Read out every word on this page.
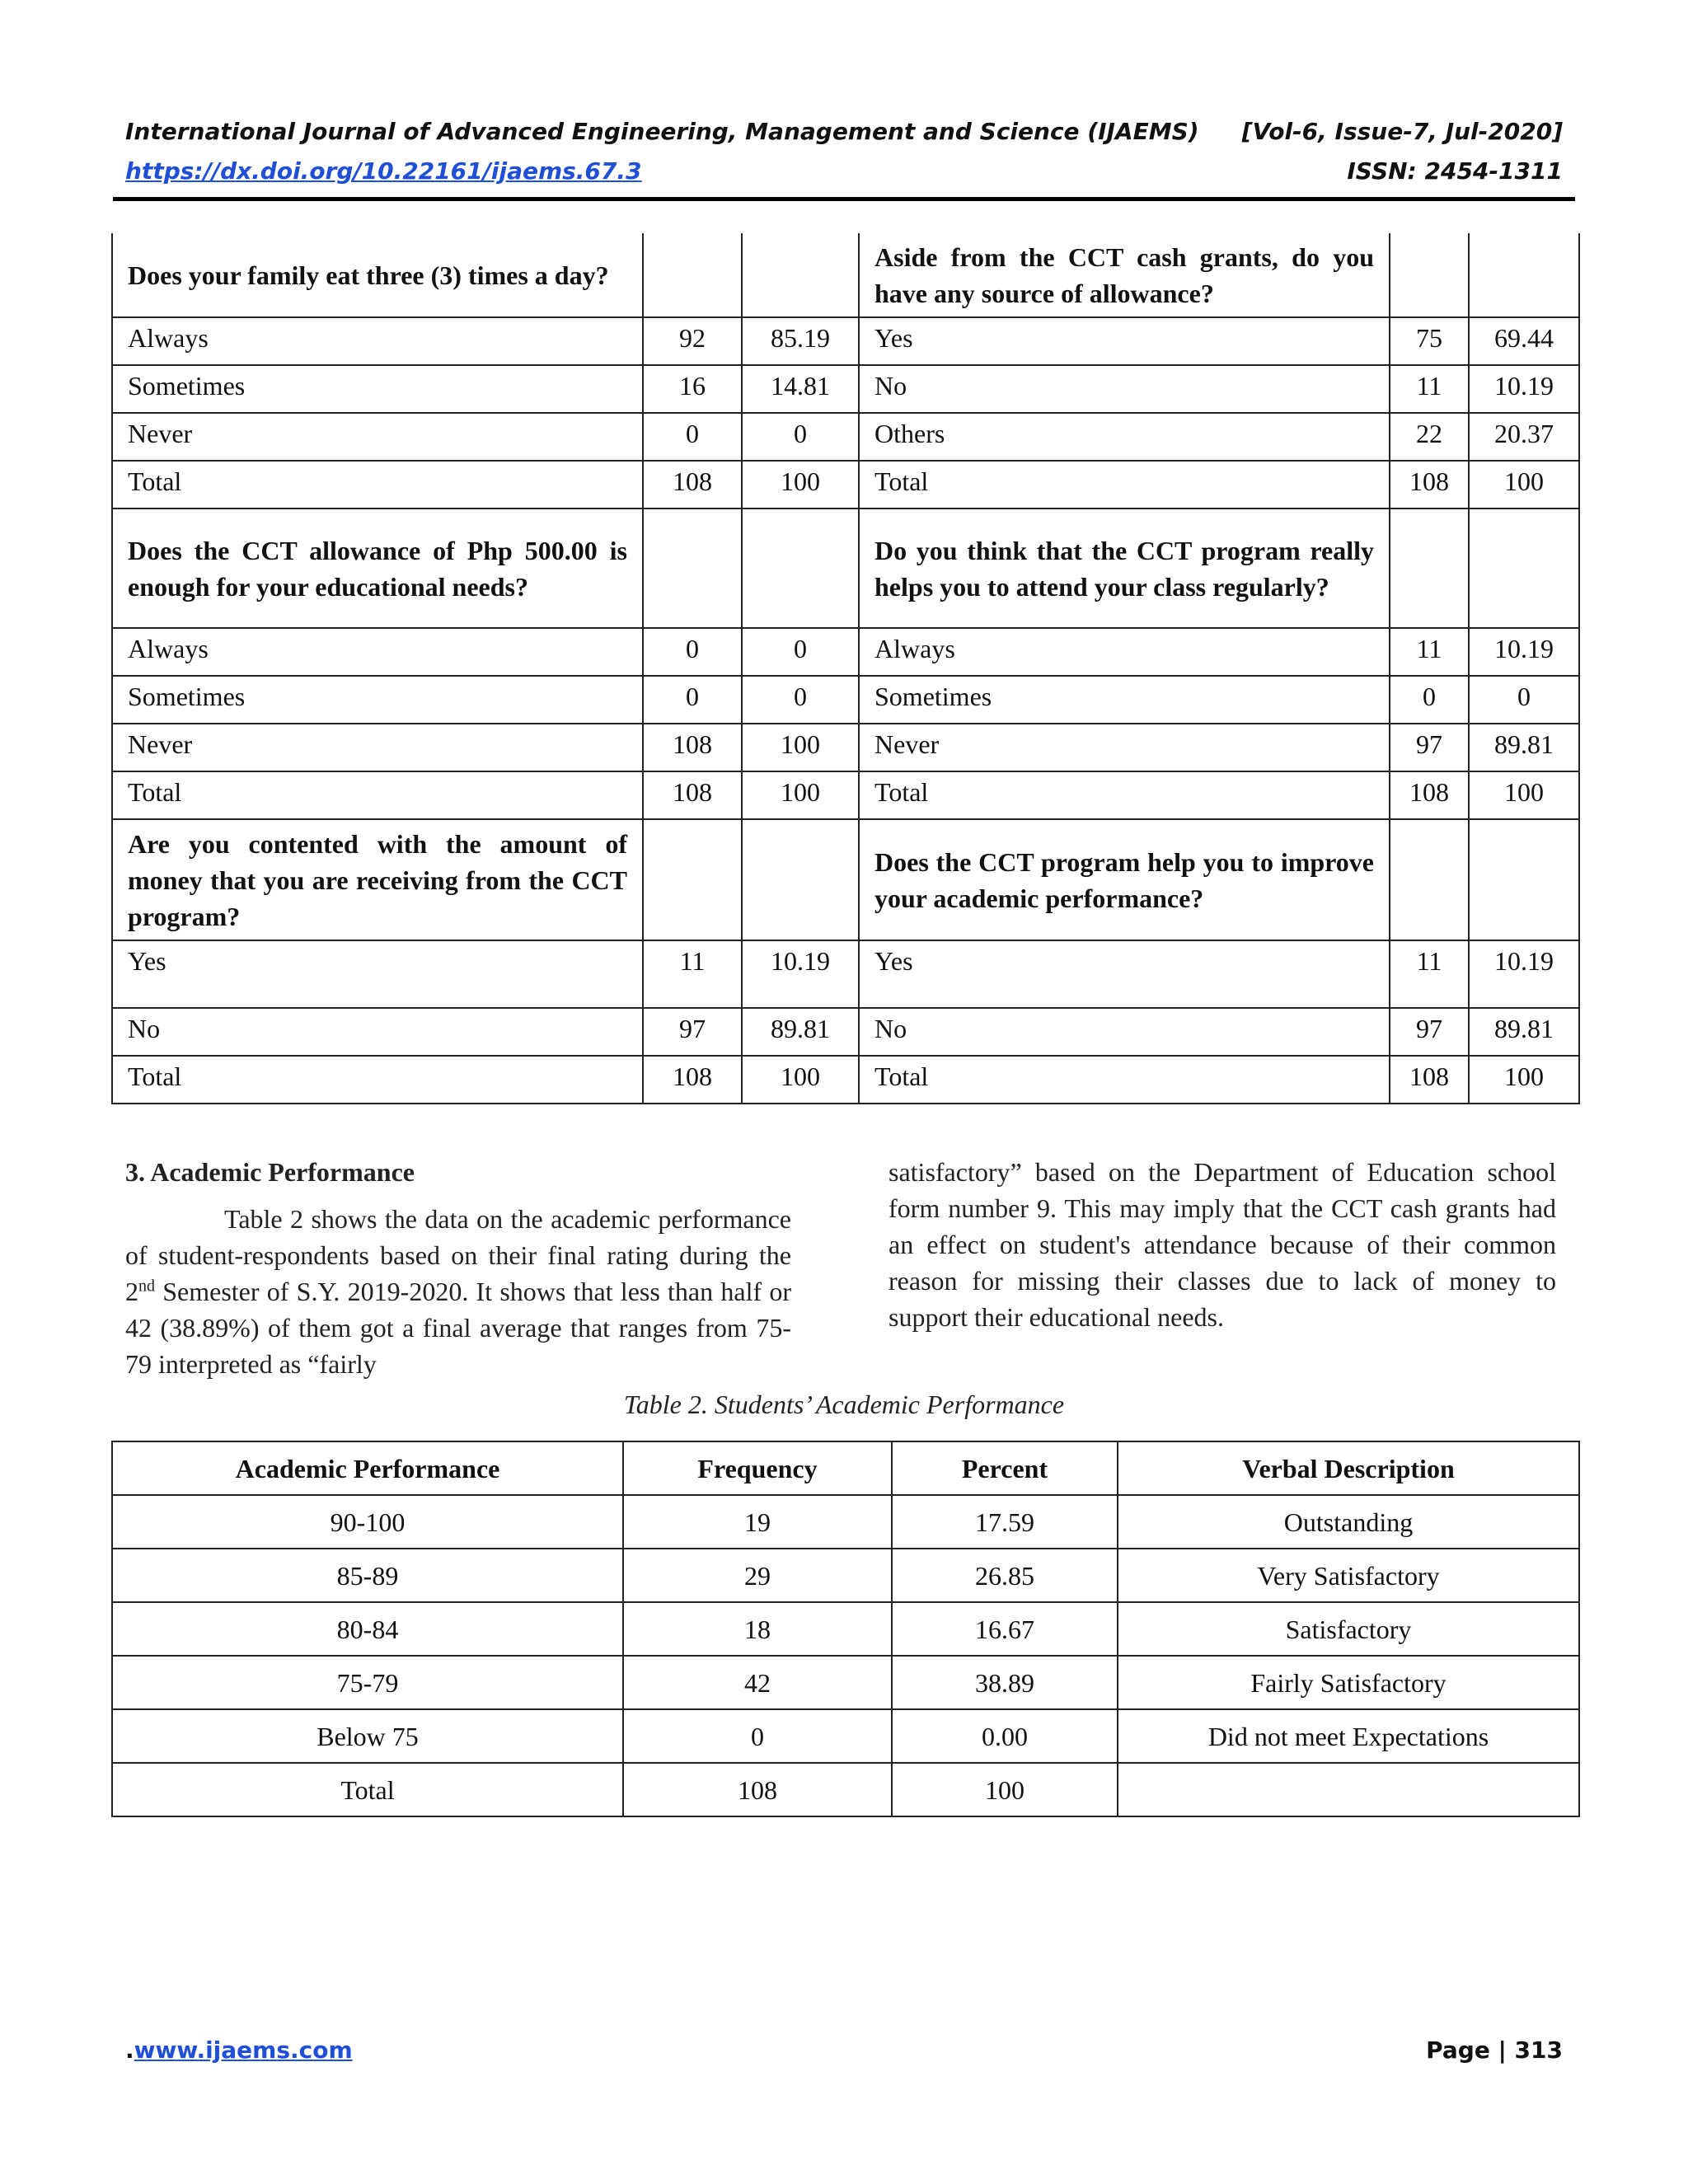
International Journal of Advanced Engineering, Management and Science (IJAEMS) [Vol-6, Issue-7, Jul-2020]
https://dx.doi.org/10.22161/ijaems.67.3	ISSN: 2454-1311
Does your family eat three (3) times a day?			Aside from the CCT cash grants, do you have any source of allowance?		
Always	92	85.19	Yes	75	69.44
Sometimes	16	14.81	No	11	10.19
Never	0	0	Others	22	20.37
Total	108	100	Total	108	100
Does the CCT allowance of Php 500.00 is enough for your educational needs?			Do you think that the CCT program really helps you to attend your class regularly?		
Always	0	0	Always	11	10.19
Sometimes	0	0	Sometimes	0	0
Never	108	100	Never	97	89.81
Total	108	100	Total	108	100
Are you contented with the amount of money that you are receiving from the CCT program?			Does the CCT program help you to improve your academic performance?		
Yes	11	10.19	Yes	11	10.19
No	97	89.81	No	97	89.81
Total	108	100	Total	108	100
3. Academic Performance
Table 2 shows the data on the academic performance of student-respondents based on their final rating during the 2nd Semester of S.Y. 2019-2020. It shows that less than half or 42 (38.89%) of them got a final average that ranges from 75-79 interpreted as “fairly
satisfactory” based on the Department of Education school form number 9. This may imply that the CCT cash grants had an effect on student's attendance because of their common reason for missing their classes due to lack of money to support their educational needs.
Table 2. Students’ Academic Performance
Academic Performance	Frequency	Percent	Verbal Description
90-100	19	17.59	Outstanding
85-89	29	26.85	Very Satisfactory
80-84	18	16.67	Satisfactory
75-79	42	38.89	Fairly Satisfactory
Below 75	0	0.00	Did not meet Expectations
Total	108	100	
.www.ijaems.com	Page | 313
